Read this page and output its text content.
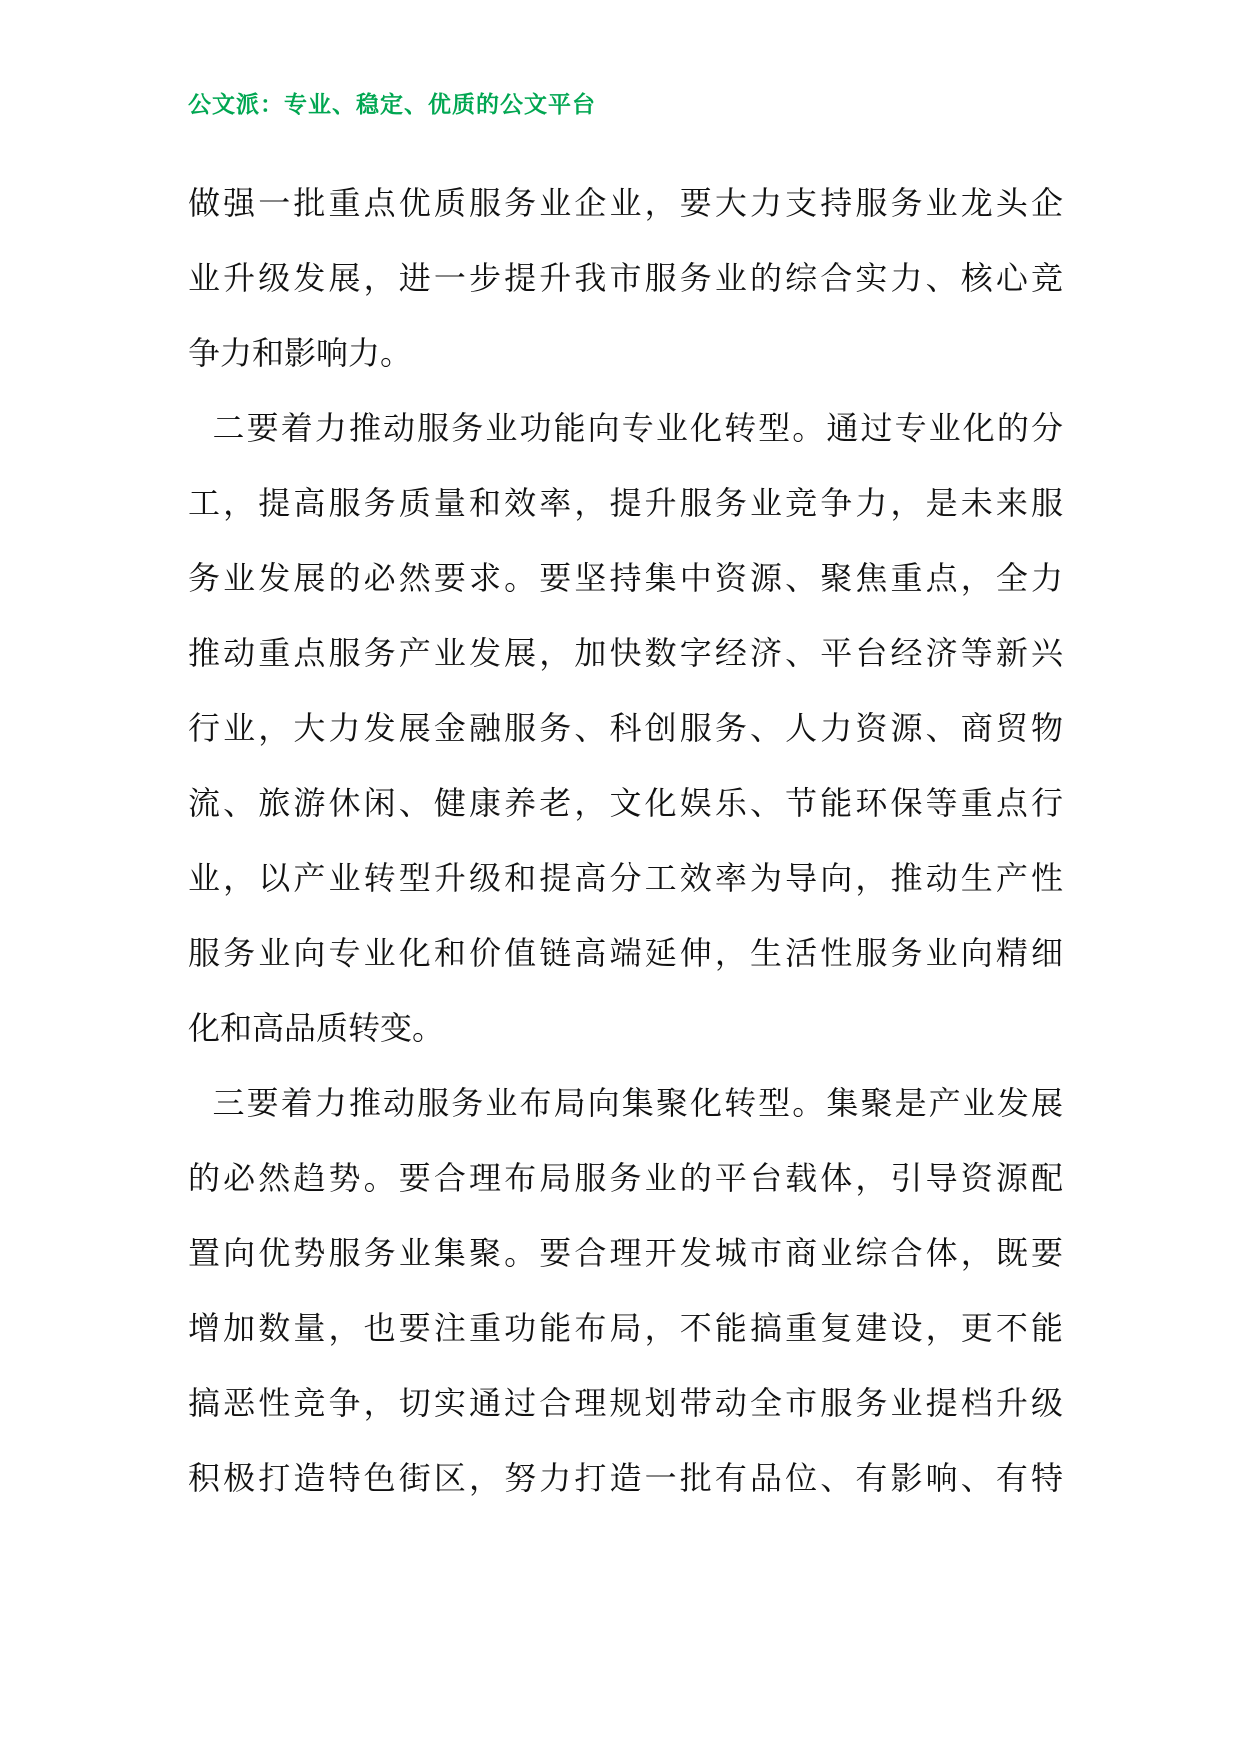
公文派：专业、稳定、优质的公文平台
做强一批重点优质服务业企业，要大力支持服务业龙头企
业升级发展，进一步提升我市服务业的综合实力、核心竞
争力和影响力。
二要着力推动服务业功能向专业化转型。通过专业化的分
工，提高服务质量和效率，提升服务业竞争力，是未来服
务业发展的必然要求。要坚持集中资源、聚焦重点，全力
推动重点服务产业发展，加快数字经济、平台经济等新兴
行业，大力发展金融服务、科创服务、人力资源、商贸物
流、旅游休闲、健康养老，文化娱乐、节能环保等重点行
业，以产业转型升级和提高分工效率为导向，推动生产性
服务业向专业化和价值链高端延伸，生活性服务业向精细
化和高品质转变。
三要着力推动服务业布局向集聚化转型。集聚是产业发展
的必然趋势。要合理布局服务业的平台载体，引导资源配
置向优势服务业集聚。要合理开发城市商业综合体，既要
增加数量，也要注重功能布局，不能搞重复建设，更不能
搞恶性竞争，切实通过合理规划带动全市服务业提档升级
积极打造特色街区，努力打造一批有品位、有影响、有特
